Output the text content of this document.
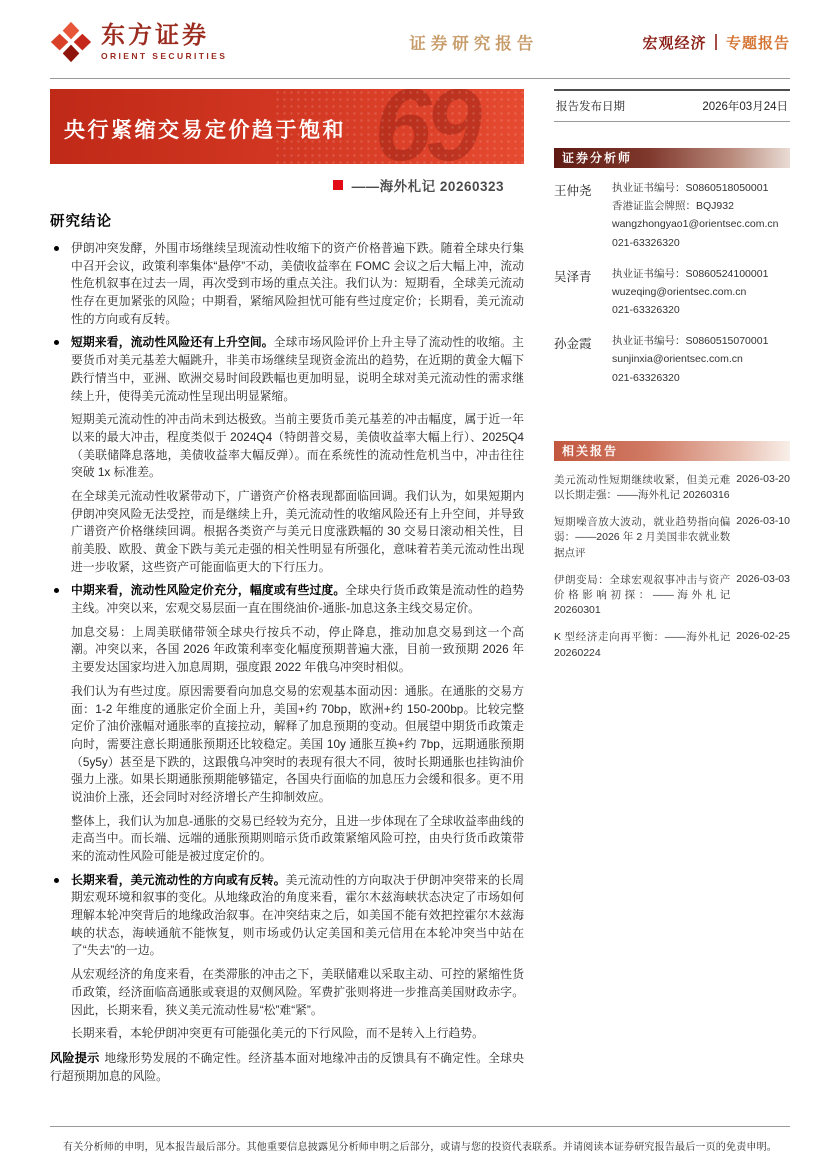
东方证券
ORIENT SECURITIES
证券研究报告	宏观经济 专题报告
69
央行紧缩交易定价趋于饱和
——海外札记 20260323
研究结论
伊朗冲突发酵，外围市场继续呈现流动性收缩下的资产价格普遍下跌。随着全球央行集中召开会议，政策利率集体“悬停”不动，美债收益率在 FOMC 会议之后大幅上冲，流动性危机叙事在过去一周，再次受到市场的重点关注。我们认为：短期看，全球美元流动性存在更加紧张的风险；中期看，紧缩风险担忧可能有些过度定价；长期看，美元流动性的方向或有反转。
短期来看，流动性风险还有上升空间。全球市场风险评价上升主导了流动性的收缩。主要货币对美元基差大幅跳升，非美市场继续呈现资金流出的趋势，在近期的黄金大幅下跌行情当中，亚洲、欧洲交易时间段跌幅也更加明显，说明全球对美元流动性的需求继续上升，使得美元流动性呈现出明显紧缩。
短期美元流动性的冲击尚未到达极致。当前主要货币美元基差的冲击幅度，属于近一年以来的最大冲击，程度类似于 2024Q4（特朗普交易，美债收益率大幅上行）、2025Q4（美联储降息落地，美债收益率大幅反弹）。而在系统性的流动性危机当中，冲击往往突破 1x 标准差。
在全球美元流动性收紧带动下，广谱资产价格表现都面临回调。我们认为，如果短期内伊朗冲突风险无法受控，而是继续上升，美元流动性的收缩风险还有上升空间，并导致广谱资产价格继续回调。根据各类资产与美元日度涨跌幅的 30 交易日滚动相关性，目前美股、欧股、黄金下跌与美元走强的相关性明显有所强化，意味着若美元流动性出现进一步收紧，这些资产可能面临更大的下行压力。
中期来看，流动性风险定价充分，幅度或有些过度。全球央行货币政策是流动性的趋势主线。冲突以来，宏观交易层面一直在围绕油价-通胀-加息这条主线交易定价。
加息交易：上周美联储带领全球央行按兵不动，停止降息，推动加息交易到这一个高潮。冲突以来，各国 2026 年政策利率变化幅度预期普遍大涨，目前一致预期 2026 年主要发达国家均进入加息周期，强度跟 2022 年俄乌冲突时相似。
我们认为有些过度。原因需要看向加息交易的宏观基本面动因：通胀。在通胀的交易方面：1-2 年维度的通胀定价全面上升，美国+约 70bp，欧洲+约 150-200bp。比较完整定价了油价涨幅对通胀率的直接拉动，解释了加息预期的变动。但展望中期货币政策走向时，需要注意长期通胀预期还比较稳定。美国 10y 通胀互换+约 7bp，远期通胀预期（5y5y）甚至是下跌的，这跟俄乌冲突时的表现有很大不同，彼时长期通胀也挂钩油价强力上涨。如果长期通胀预期能够锚定，各国央行面临的加息压力会缓和很多。更不用说油价上涨，还会同时对经济增长产生抑制效应。
整体上，我们认为加息-通胀的交易已经较为充分，且进一步体现在了全球收益率曲线的走高当中。而长端、远端的通胀预期则暗示货币政策紧缩风险可控，由央行货币政策带来的流动性风险可能是被过度定价的。
长期来看，美元流动性的方向或有反转。美元流动性的方向取决于伊朗冲突带来的长周期宏观环境和叙事的变化。从地缘政治的角度来看，霍尔木兹海峡状态决定了市场如何理解本轮冲突背后的地缘政治叙事。在冲突结束之后，如美国不能有效把控霍尔木兹海峡的状态，海峡通航不能恢复，则市场或仍认定美国和美元信用在本轮冲突当中站在了“失去”的一边。
从宏观经济的角度来看，在类滞胀的冲击之下，美联储难以采取主动、可控的紧缩性货币政策，经济面临高通胀或衰退的双侧风险。军费扩张则将进一步推高美国财政赤字。因此，长期来看，狭义美元流动性易“松”难“紧”。
长期来看，本轮伊朗冲突更有可能强化美元的下行风险，而不是转入上行趋势。
风险提示 地缘形势发展的不确定性。经济基本面对地缘冲击的反馈具有不确定性。全球央行超预期加息的风险。
报告发布日期	2026年03月24日
证券分析师
王仲尧	执业证书编号：S0860518050001
香港证监会牌照：BQJ932
wangzhongyao1@orientsec.com.cn
021-63326320
吴泽青	执业证书编号：S0860524100001
wuzeqing@orientsec.com.cn
021-63326320
孙金霞	执业证书编号：S0860515070001
sunjinxia@orientsec.com.cn
021-63326320
相关报告
美元流动性短期继续收紧，但美元难以长期走强：——海外札记 20260316
2026-03-20
短期噪音放大波动，就业趋势指向偏弱：——2026 年 2 月美国非农就业数据点评
2026-03-10
伊朗变局：全球宏观叙事冲击与资产价格影响初探：——海外札记 20260301
2026-03-03
K 型经济走向再平衡：——海外札记 20260224
2026-02-25
有关分析师的申明，见本报告最后部分。其他重要信息披露见分析师申明之后部分，或请与您的投资代表联系。并请阅读本证券研究报告最后一页的免责申明。
